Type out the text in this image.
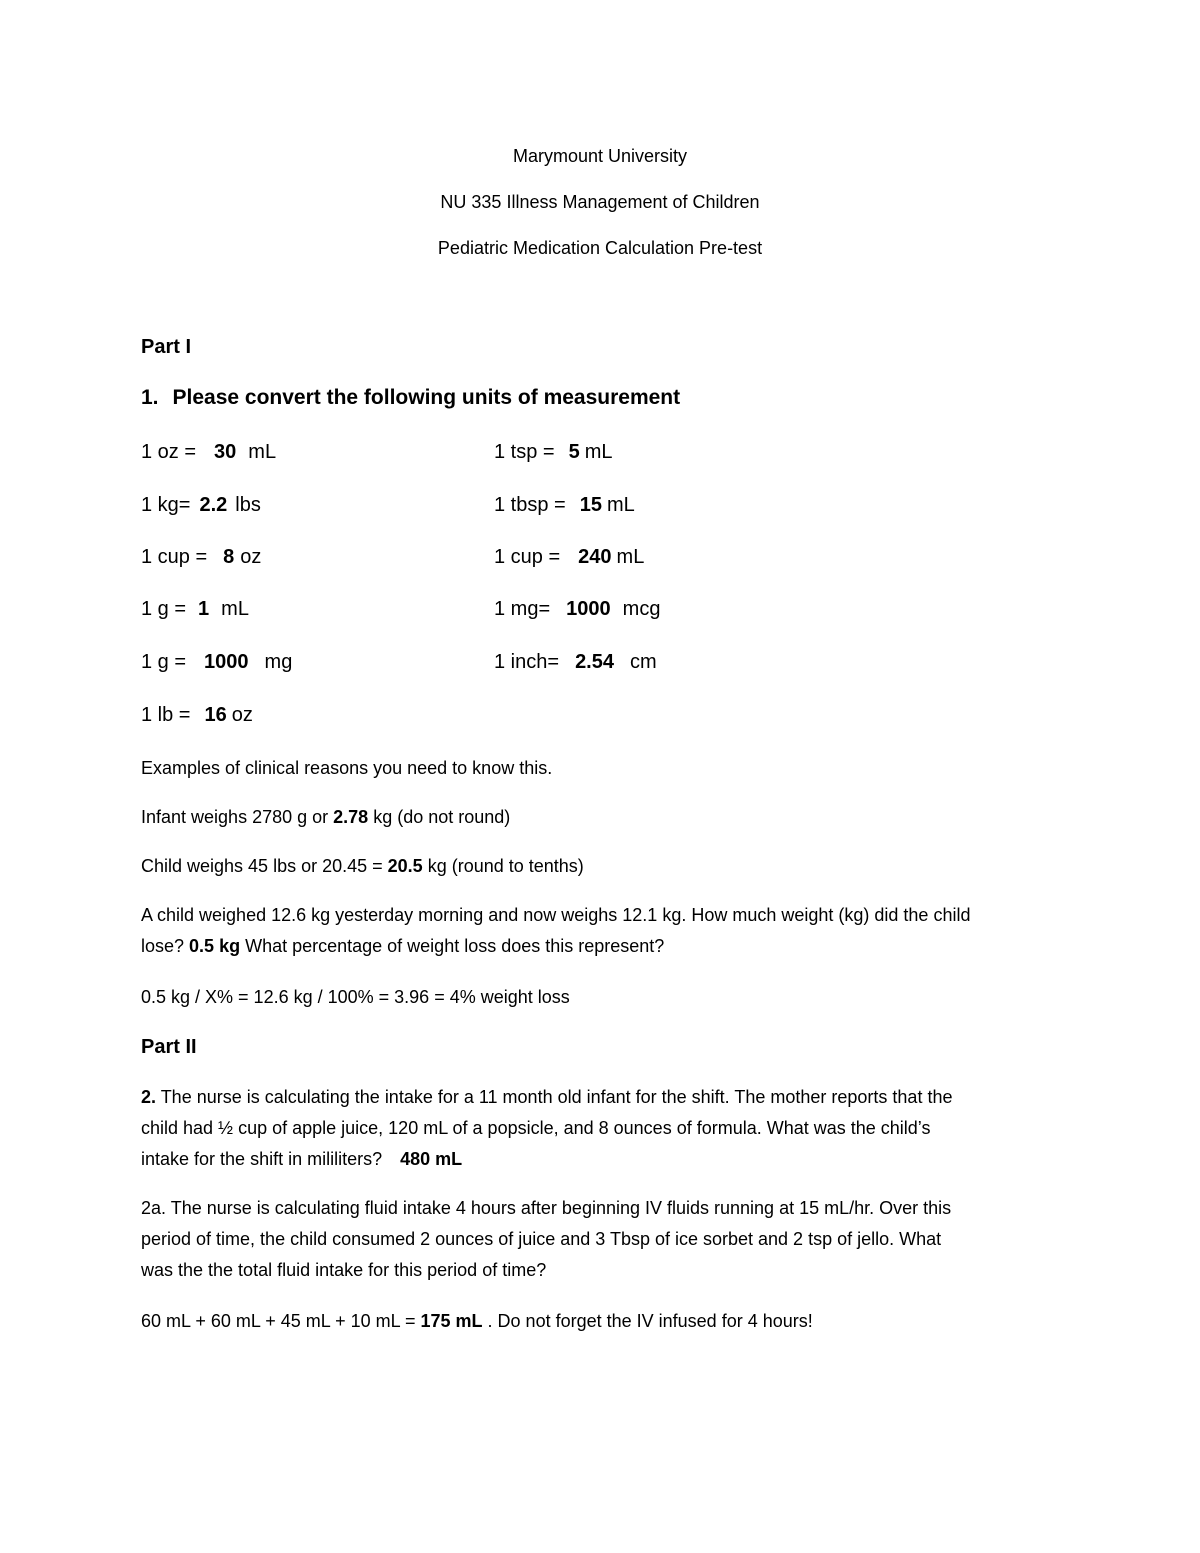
Marymount University
NU 335 Illness Management of Children
Pediatric Medication Calculation Pre-test
Part I
1. Please convert the following units of measurement
1 oz = 30 mL
1 kg= 2.2 lbs
1 cup = 8 oz
1 g = 1 mL
1 g = 1000 mg
1 lb = 16 oz
1 tsp = 5 mL
1 tbsp = 15 mL
1 cup = 240 mL
1 mg= 1000 mcg
1 inch= 2.54 cm
Examples of clinical reasons you need to know this.
Infant weighs 2780 g or 2.78 kg (do not round)
Child weighs 45 lbs or 20.45 = 20.5 kg (round to tenths)
A child weighed 12.6 kg yesterday morning and now weighs 12.1 kg. How much weight (kg) did the child
lose? 0.5 kg What percentage of weight loss does this represent?
0.5 kg / X% = 12.6 kg / 100% = 3.96 = 4% weight loss
Part II
2. The nurse is calculating the intake for a 11 month old infant for the shift. The mother reports that the
child had ½ cup of apple juice, 120 mL of a popsicle, and 8 ounces of formula. What was the child’s
intake for the shift in mililiters? 480 mL
2a. The nurse is calculating fluid intake 4 hours after beginning IV fluids running at 15 mL/hr. Over this
period of time, the child consumed 2 ounces of juice and 3 Tbsp of ice sorbet and 2 tsp of jello. What
was the the total fluid intake for this period of time?
60 mL + 60 mL + 45 mL + 10 mL = 175 mL . Do not forget the IV infused for 4 hours!
